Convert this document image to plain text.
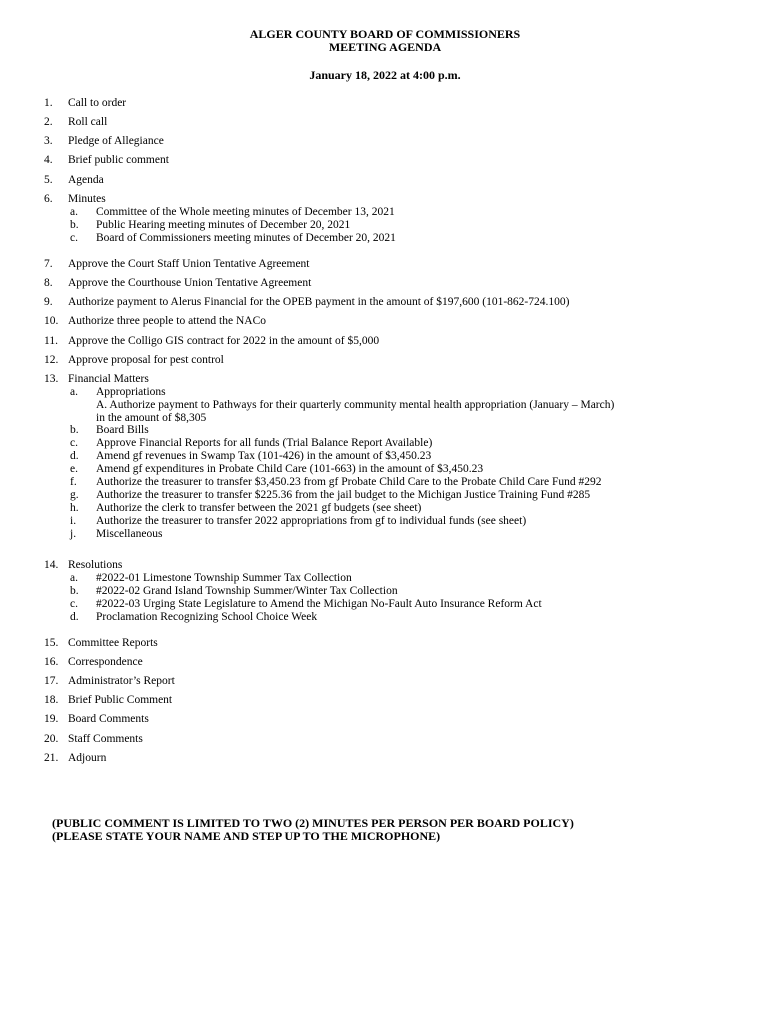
ALGER COUNTY BOARD OF COMMISSIONERS
MEETING AGENDA
January 18, 2022 at 4:00 p.m.
1. Call to order
2. Roll call
3. Pledge of Allegiance
4. Brief public comment
5. Agenda
6. Minutes
a. Committee of the Whole meeting minutes of December 13, 2021
b. Public Hearing meeting minutes of December 20, 2021
c. Board of Commissioners meeting minutes of December 20, 2021
7. Approve the Court Staff Union Tentative Agreement
8. Approve the Courthouse Union Tentative Agreement
9. Authorize payment to Alerus Financial for the OPEB payment in the amount of $197,600 (101-862-724.100)
10. Authorize three people to attend the NACo
11. Approve the Colligo GIS contract for 2022 in the amount of $5,000
12. Approve proposal for pest control
13. Financial Matters
a. Appropriations
A. Authorize payment to Pathways for their quarterly community mental health appropriation (January – March)
in the amount of $8,305
b. Board Bills
c. Approve Financial Reports for all funds (Trial Balance Report Available)
d. Amend gf revenues in Swamp Tax (101-426) in the amount of $3,450.23
e. Amend gf expenditures in Probate Child Care (101-663) in the amount of $3,450.23
f. Authorize the treasurer to transfer $3,450.23 from gf Probate Child Care to the Probate Child Care Fund #292
g. Authorize the treasurer to transfer $225.36 from the jail budget to the Michigan Justice Training Fund #285
h. Authorize the clerk to transfer between the 2021 gf budgets (see sheet)
i. Authorize the treasurer to transfer 2022 appropriations from gf to individual funds (see sheet)
j. Miscellaneous
14. Resolutions
a. #2022-01 Limestone Township Summer Tax Collection
b. #2022-02 Grand Island Township Summer/Winter Tax Collection
c. #2022-03 Urging State Legislature to Amend the Michigan No-Fault Auto Insurance Reform Act
d. Proclamation Recognizing School Choice Week
15. Committee Reports
16. Correspondence
17. Administrator’s Report
18. Brief Public Comment
19. Board Comments
20. Staff Comments
21. Adjourn
(PUBLIC COMMENT IS LIMITED TO TWO (2) MINUTES PER PERSON PER BOARD POLICY)
(PLEASE STATE YOUR NAME AND STEP UP TO THE MICROPHONE)
